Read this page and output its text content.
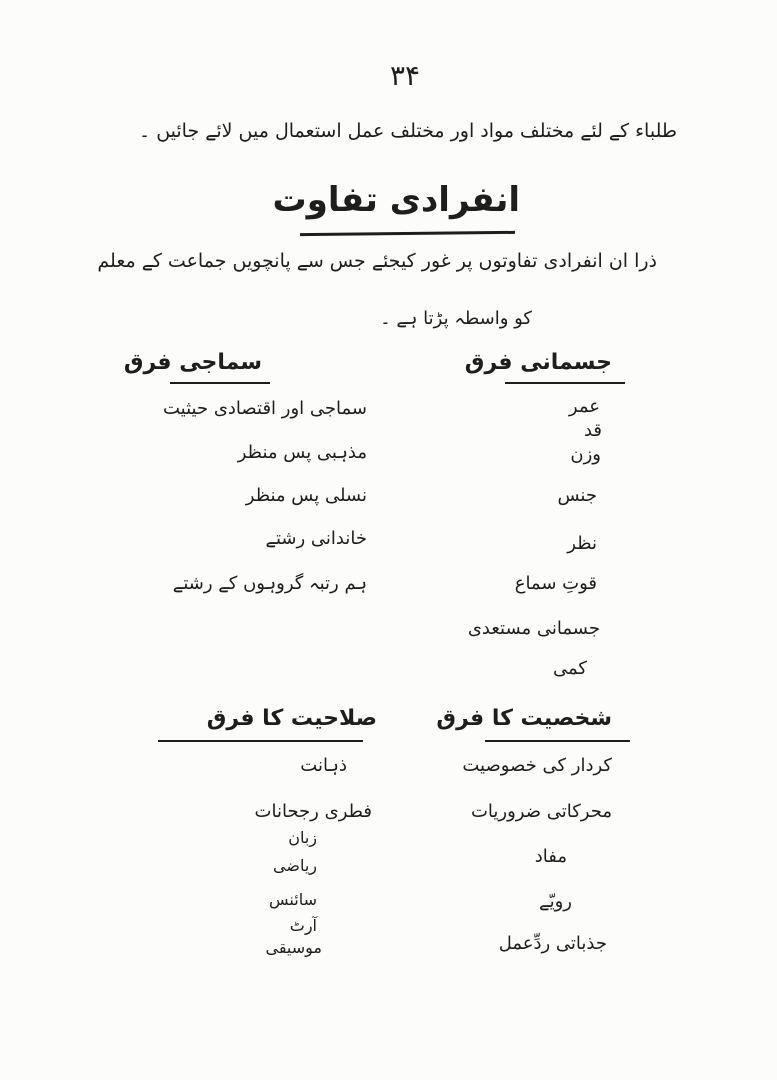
۳۴
طلباء کے لئے مختلف مواد اور مختلف عمل استعمال میں لائے جائیں ۔
انفرادی تفاوت
ذرا ان انفرادی تفاوتوں پر غور کیجئے جس سے پانچویں جماعت کے معلم
کو واسطہ پڑتا ہے ۔
جسمانی فرق
عمر
قد
وزن
جنس
نظر
قوتِ سماع
جسمانی مستعدی
کمی
سماجی فرق
سماجی اور اقتصادی حیثیت
مذہبی پس منظر
نسلی پس منظر
خاندانی رشتے
ہم رتبہ گروہوں کے رشتے
شخصیت کا فرق
کردار کی خصوصیت
محرکاتی ضروریات
مفاد
رویّے
جذباتی ردِّعمل
صلاحیت کا فرق
ذہانت
فطری رجحانات
زبان
ریاضی
سائنس
آرٹ
موسیقی
